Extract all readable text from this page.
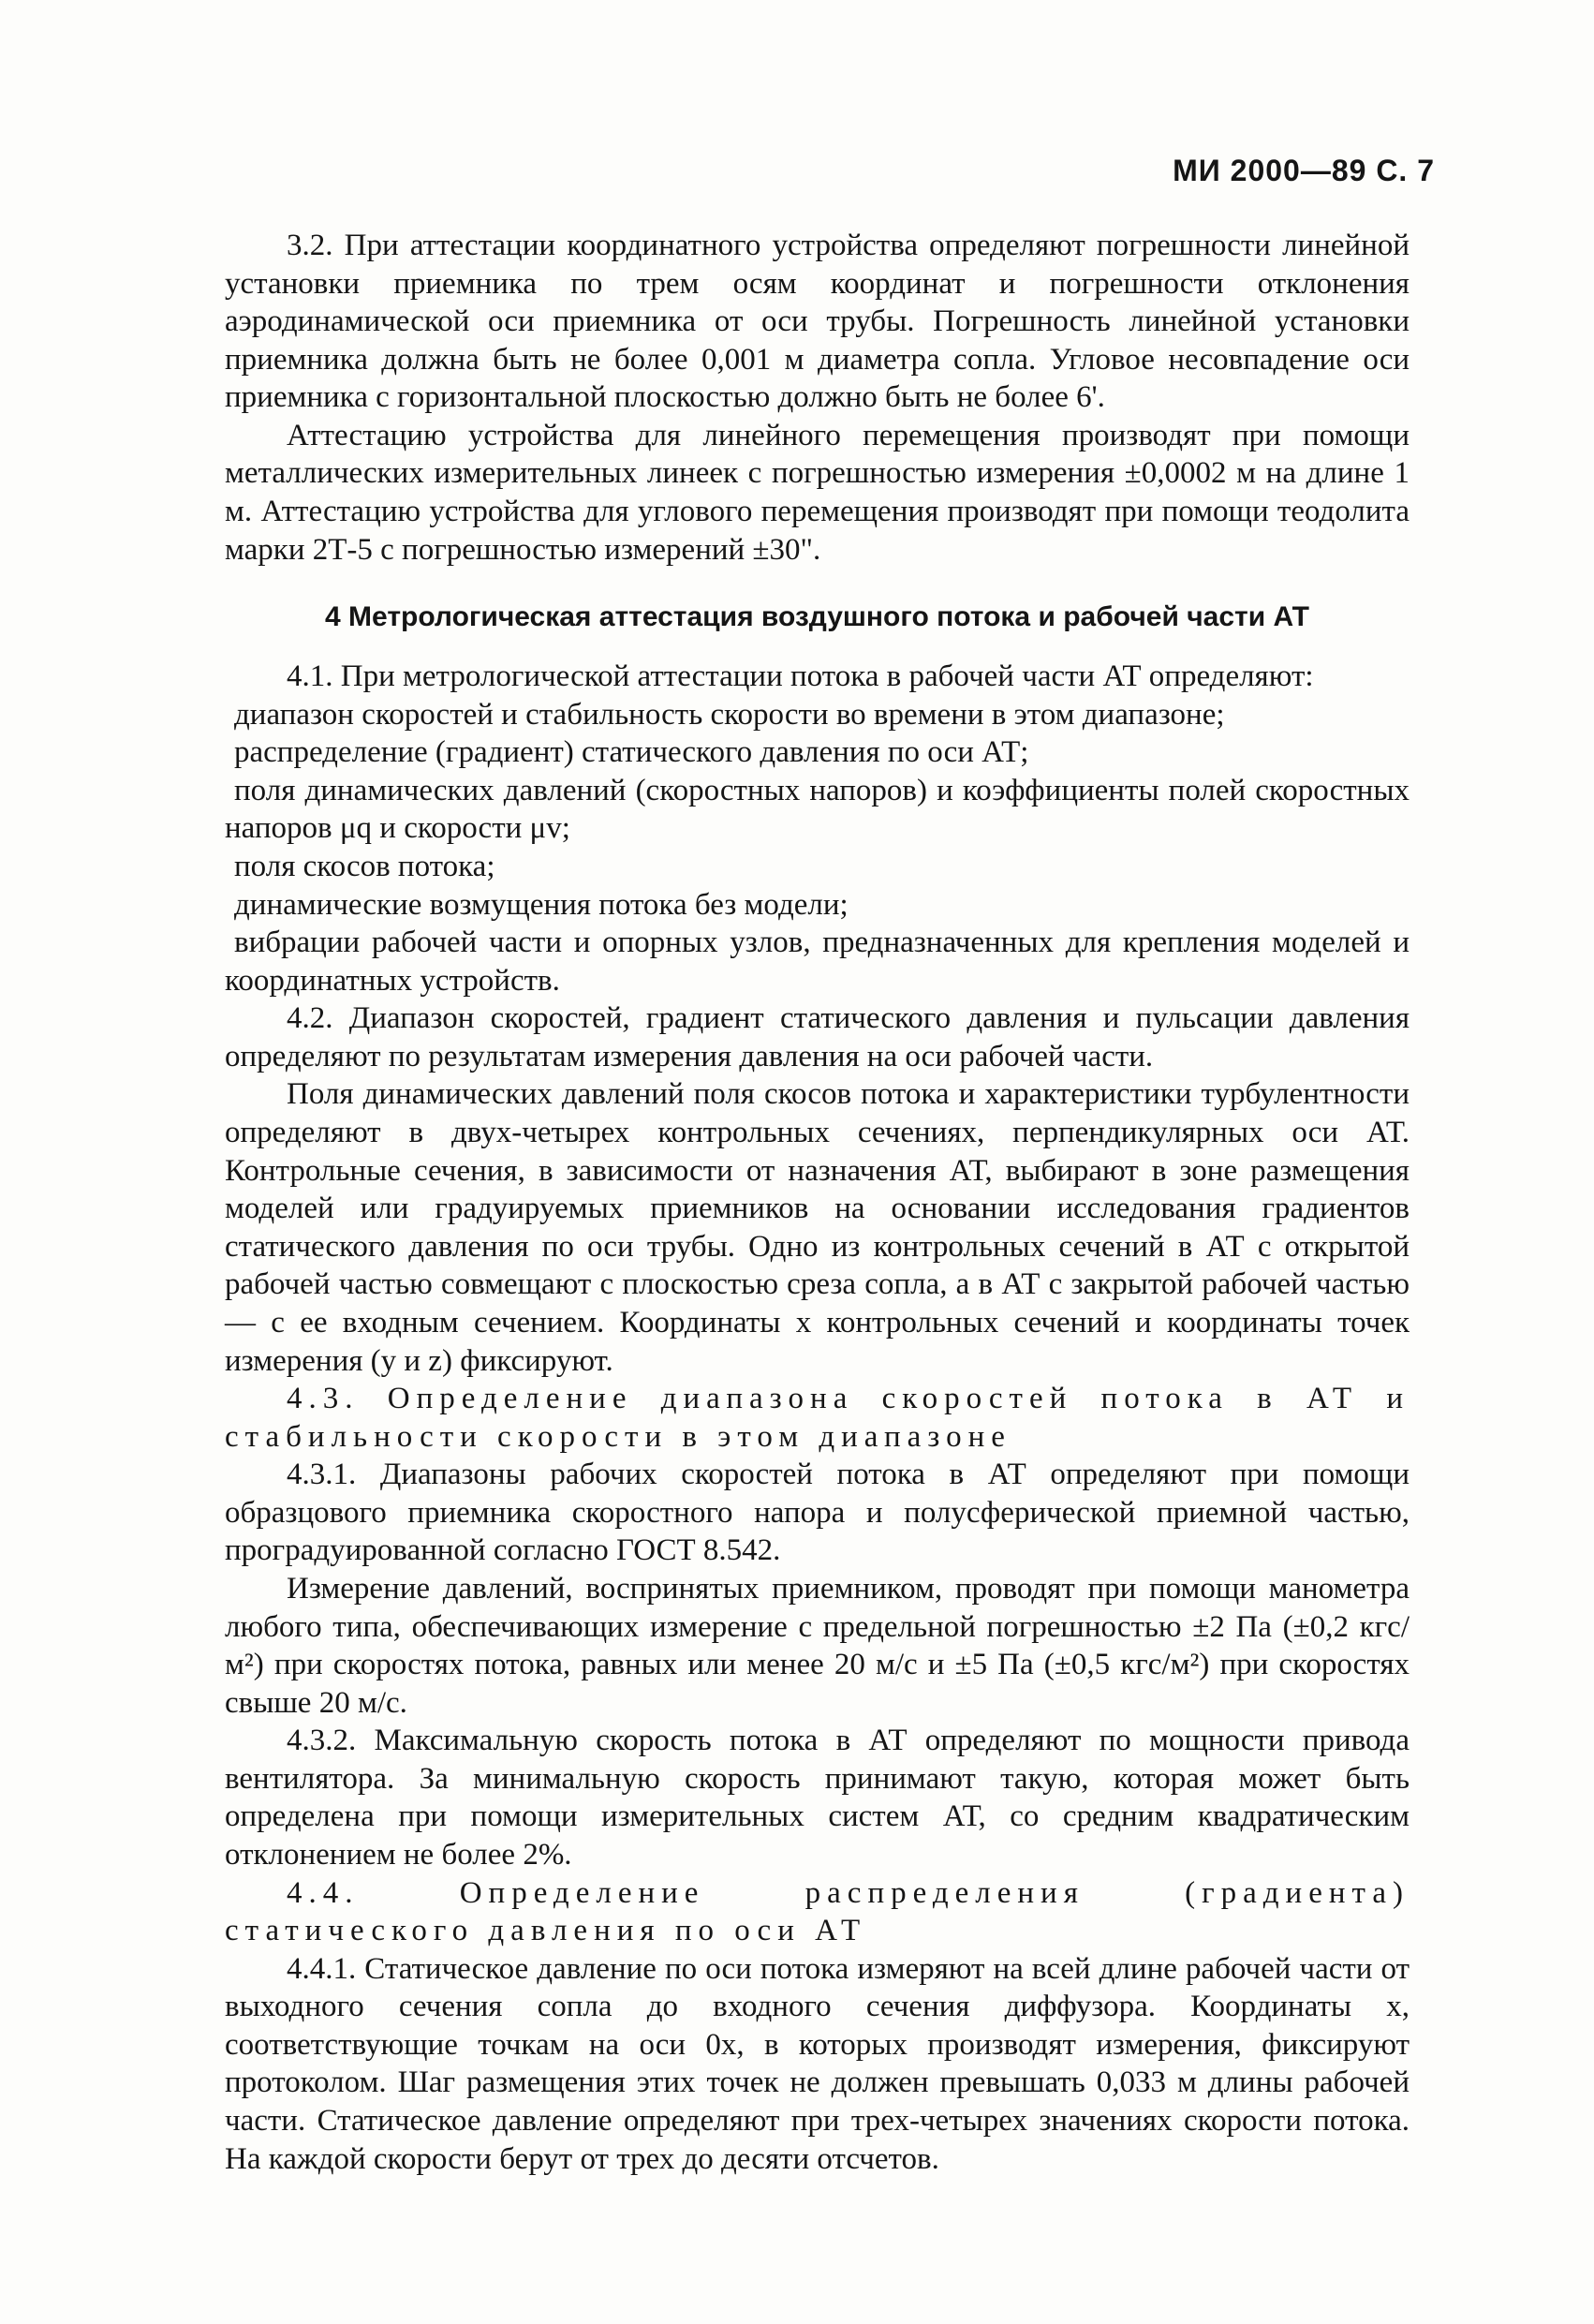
МИ 2000—89 С. 7

3.2. При аттестации координатного устройства определяют погрешности линейной установки приемника по трем осям координат и погрешности отклонения аэродинамической оси приемника от оси трубы. Погрешность линейной установки приемника должна быть не более 0,001 м диаметра сопла. Угловое несовпадение оси приемника с горизонтальной плоскостью должно быть не более 6'.

Аттестацию устройства для линейного перемещения производят при помощи металлических измерительных линеек с погрешностью измерения ±0,0002 м на длине 1 м. Аттестацию устройства для углового перемещения производят при помощи теодолита марки 2Т-5 с погрешностью измерений ±30".

4 Метрологическая аттестация воздушного потока и рабочей части АТ

4.1. При метрологической аттестации потока в рабочей части АТ определяют:

диапазон скоростей и стабильность скорости во времени в этом диапазоне;

распределение (градиент) статического давления по оси АТ;

поля динамических давлений (скоростных напоров) и коэффициенты полей скоростных напоров μq и скорости μv;

поля скосов потока;

динамические возмущения потока без модели;

вибрации рабочей части и опорных узлов, предназначенных для крепления моделей и координатных устройств.

4.2. Диапазон скоростей, градиент статического давления и пульсации давления определяют по результатам измерения давления на оси рабочей части.

Поля динамических давлений поля скосов потока и характеристики турбулентности определяют в двух-четырех контрольных сечениях, перпендикулярных оси АТ. Контрольные сечения, в зависимости от назначения АТ, выбирают в зоне размещения моделей или градуируемых приемников на основании исследования градиентов статического давления по оси трубы. Одно из контрольных сечений в АТ с открытой рабочей частью совмещают с плоскостью среза сопла, а в АТ с закрытой рабочей частью — с ее входным сечением. Координаты x контрольных сечений и координаты точек измерения (y и z) фиксируют.

4.3. Определение диапазона скоростей потока в АТ и стабильности скорости в этом диапазоне

4.3.1. Диапазоны рабочих скоростей потока в АТ определяют при помощи образцового приемника скоростного напора и полусферической приемной частью, проградуированной согласно ГОСТ 8.542.

Измерение давлений, воспринятых приемником, проводят при помощи манометра любого типа, обеспечивающих измерение с предельной погрешностью ±2 Па (±0,2 кгс/м²) при скоростях потока, равных или менее 20 м/с и ±5 Па (±0,5 кгс/м²) при скоростях свыше 20 м/с.

4.3.2. Максимальную скорость потока в АТ определяют по мощности привода вентилятора. За минимальную скорость принимают такую, которая может быть определена при помощи измерительных систем АТ, со средним квадратическим отклонением не более 2%.

4.4. Определение распределения (градиента) статического давления по оси АТ

4.4.1. Статическое давление по оси потока измеряют на всей длине рабочей части от выходного сечения сопла до входного сечения диффузора. Координаты x, соответствующие точкам на оси 0x, в которых производят измерения, фиксируют протоколом. Шаг размещения этих точек не должен превышать 0,033 м длины рабочей части. Статическое давление определяют при трех-четырех значениях скорости потока. На каждой скорости берут от трех до десяти отсчетов.
